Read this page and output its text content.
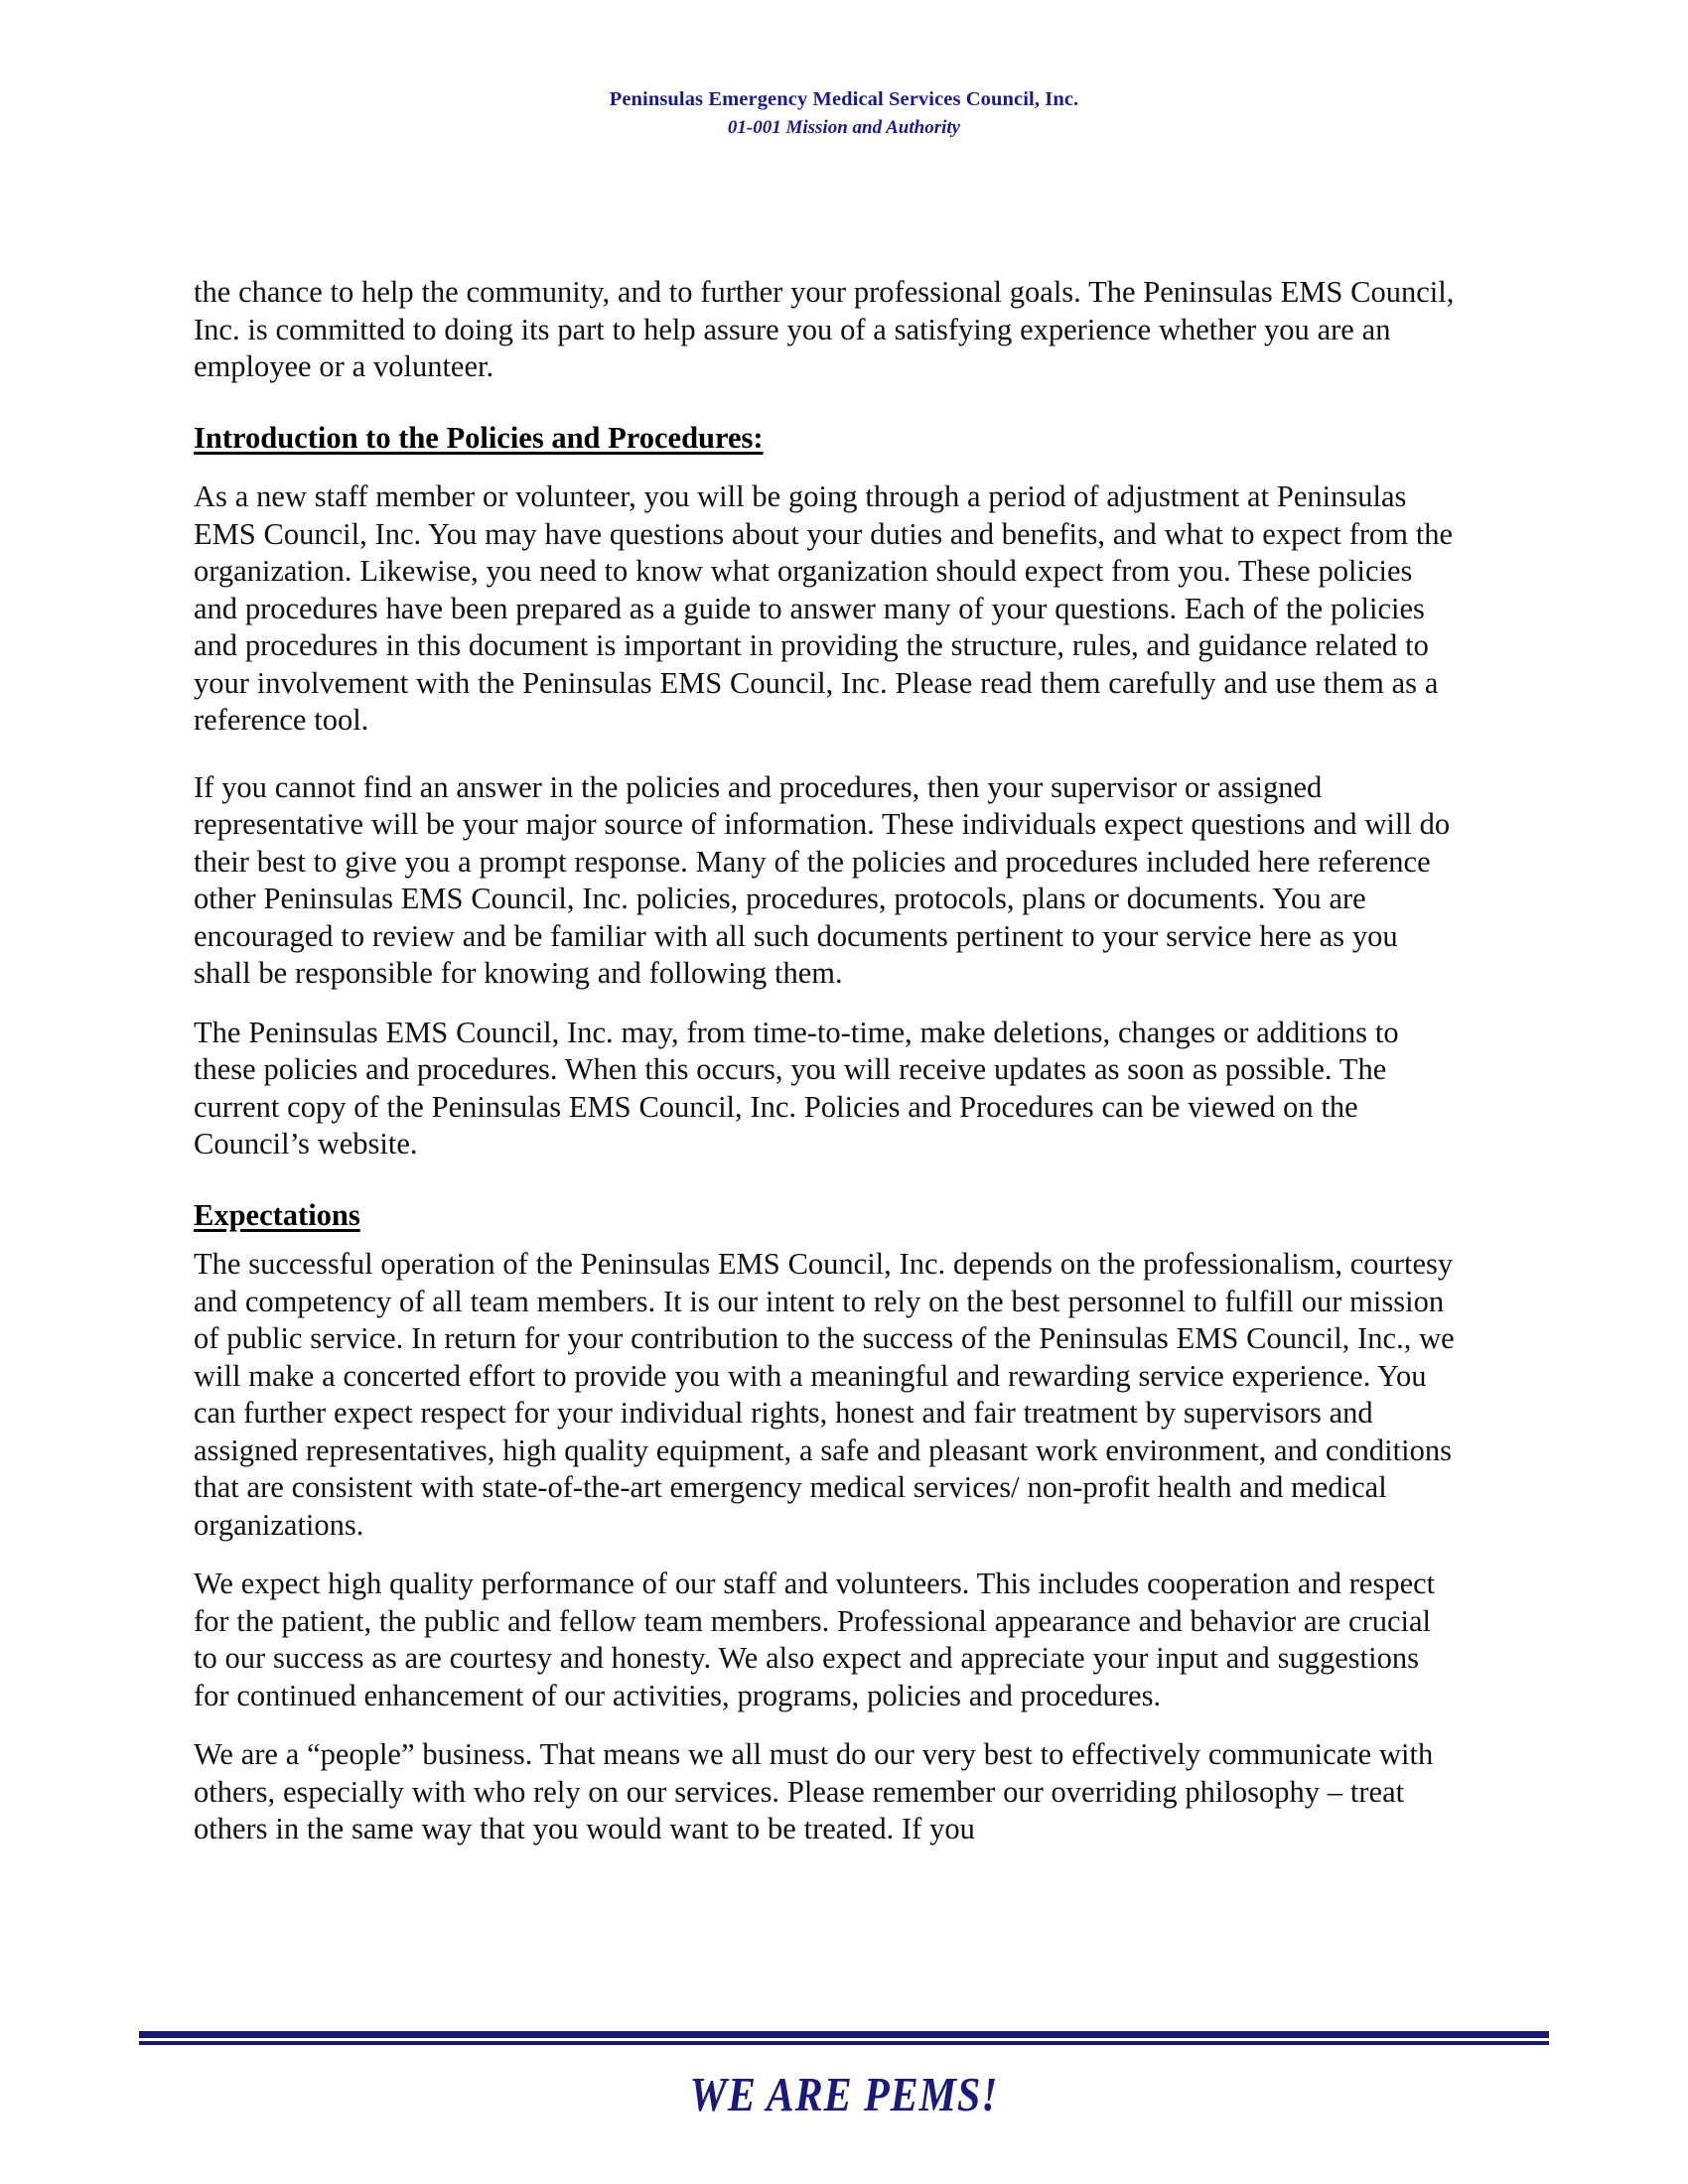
Peninsulas Emergency Medical Services Council, Inc.
01-001 Mission and Authority

the chance to help the community, and to further your professional goals. The Peninsulas EMS Council, Inc. is committed to doing its part to help assure you of a satisfying experience whether you are an employee or a volunteer.

Introduction to the Policies and Procedures:

As a new staff member or volunteer, you will be going through a period of adjustment at Peninsulas EMS Council, Inc. You may have questions about your duties and benefits, and what to expect from the organization. Likewise, you need to know what organization should expect from you. These policies and procedures have been prepared as a guide to answer many of your questions. Each of the policies and procedures in this document is important in providing the structure, rules, and guidance related to your involvement with the Peninsulas EMS Council, Inc. Please read them carefully and use them as a reference tool.

If you cannot find an answer in the policies and procedures, then your supervisor or assigned representative will be your major source of information. These individuals expect questions and will do their best to give you a prompt response. Many of the policies and procedures included here reference other Peninsulas EMS Council, Inc. policies, procedures, protocols, plans or documents. You are encouraged to review and be familiar with all such documents pertinent to your service here as you shall be responsible for knowing and following them.

The Peninsulas EMS Council, Inc. may, from time-to-time, make deletions, changes or additions to these policies and procedures. When this occurs, you will receive updates as soon as possible. The current copy of the Peninsulas EMS Council, Inc. Policies and Procedures can be viewed on the Council’s website.

Expectations

The successful operation of the Peninsulas EMS Council, Inc. depends on the professionalism, courtesy and competency of all team members. It is our intent to rely on the best personnel to fulfill our mission of public service. In return for your contribution to the success of the Peninsulas EMS Council, Inc., we will make a concerted effort to provide you with a meaningful and rewarding service experience. You can further expect respect for your individual rights, honest and fair treatment by supervisors and assigned representatives, high quality equipment, a safe and pleasant work environment, and conditions that are consistent with state-of-the-art emergency medical services/ non-profit health and medical organizations.

We expect high quality performance of our staff and volunteers. This includes cooperation and respect for the patient, the public and fellow team members. Professional appearance and behavior are crucial to our success as are courtesy and honesty. We also expect and appreciate your input and suggestions for continued enhancement of our activities, programs, policies and procedures.

We are a “people” business. That means we all must do our very best to effectively communicate with others, especially with who rely on our services. Please remember our overriding philosophy – treat others in the same way that you would want to be treated. If you

WE ARE PEMS!
